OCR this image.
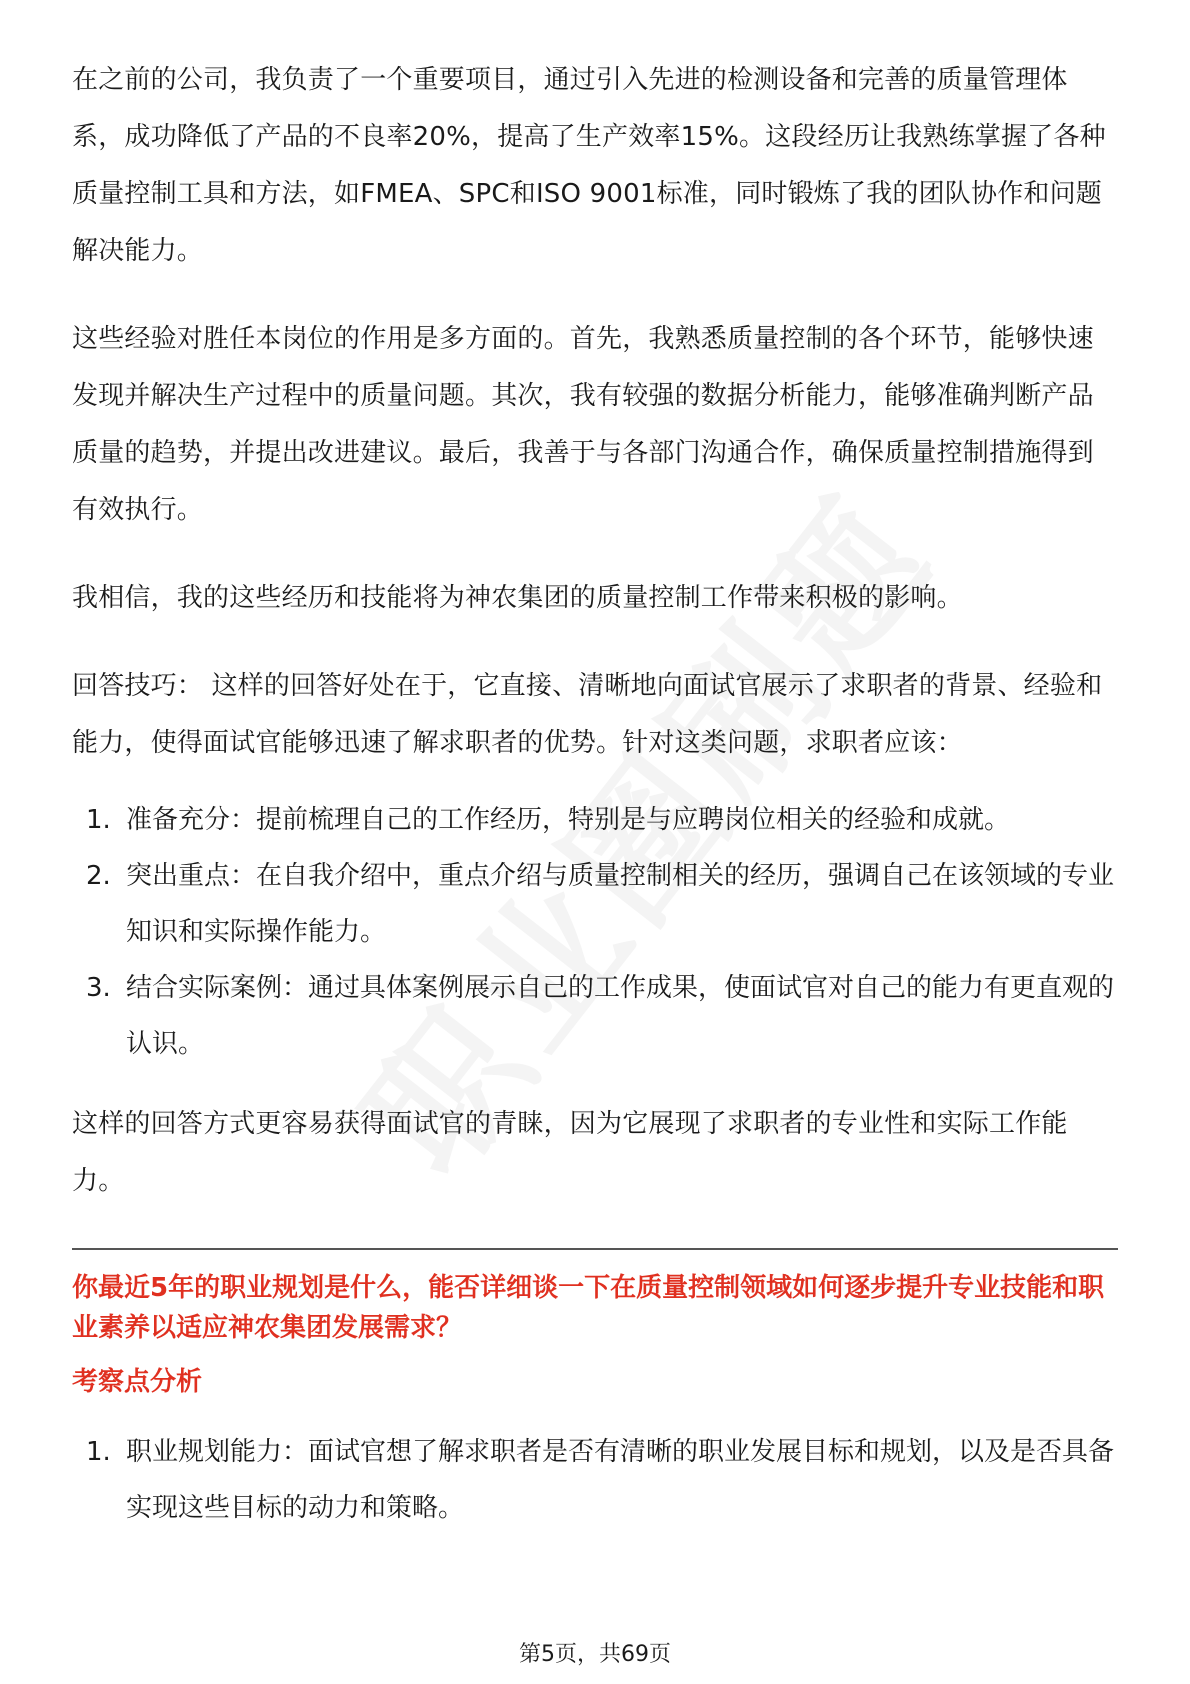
在之前的公司，我负责了一个重要项目，通过引入先进的检测设备和完善的质量管理体系，成功降低了产品的不良率20%，提高了生产效率15%。这段经历让我熟练掌握了各种质量控制工具和方法，如FMEA、SPC和ISO 9001标准，同时锻炼了我的团队协作和问题解决能力。

这些经验对胜任本岗位的作用是多方面的。首先，我熟悉质量控制的各个环节，能够快速发现并解决生产过程中的质量问题。其次，我有较强的数据分析能力，能够准确判断产品质量的趋势，并提出改进建议。最后，我善于与各部门沟通合作，确保质量控制措施得到有效执行。

我相信，我的这些经历和技能将为神农集团的质量控制工作带来积极的影响。

回答技巧： 这样的回答好处在于，它直接、清晰地向面试官展示了求职者的背景、经验和能力，使得面试官能够迅速了解求职者的优势。针对这类问题，求职者应该：

1. 准备充分：提前梳理自己的工作经历，特别是与应聘岗位相关的经验和成就。
2. 突出重点：在自我介绍中，重点介绍与质量控制相关的经历，强调自己在该领域的专业知识和实际操作能力。
3. 结合实际案例：通过具体案例展示自己的工作成果，使面试官对自己的能力有更直观的认识。

这样的回答方式更容易获得面试官的青睐，因为它展现了求职者的专业性和实际工作能力。

你最近5年的职业规划是什么，能否详细谈一下在质量控制领域如何逐步提升专业技能和职业素养以适应神农集团发展需求？

考察点分析

1. 职业规划能力：面试官想了解求职者是否有清晰的职业发展目标和规划，以及是否具备实现这些目标的动力和策略。
第5页，共69页
